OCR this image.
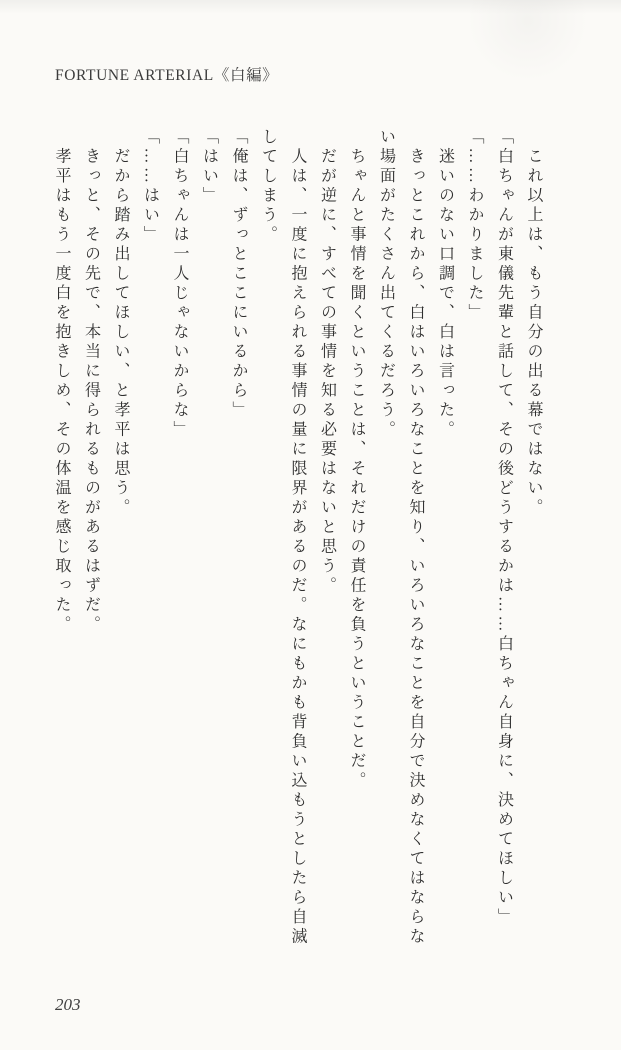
FORTUNE ARTERIAL《白編》

　これ以上は、もう自分の出る幕ではない。

「白ちゃんが東儀先輩と話して、その後どうするかは……白ちゃん自身に、決めてほしい」

「……わかりました」

　迷いのない口調で、白は言った。

　きっとこれから、白はいろいろなことを知り、いろいろなことを自分で決めなくてはならない場面がたくさん出てくるだろう。

　ちゃんと事情を聞くということは、それだけの責任を負うということだ。

　だが逆に、すべての事情を知る必要はないと思う。

　人は、一度に抱えられる事情の量に限界があるのだ。なにもかも背負い込もうとしたら自滅してしまう。

「俺は、ずっとここにいるから」

「はい」

「白ちゃんは一人じゃないからな」

「……はい」

　だから踏み出してほしい、と孝平は思う。

　きっと、その先で、本当に得られるものがあるはずだ。

　孝平はもう一度白を抱きしめ、その体温を感じ取った。

203
